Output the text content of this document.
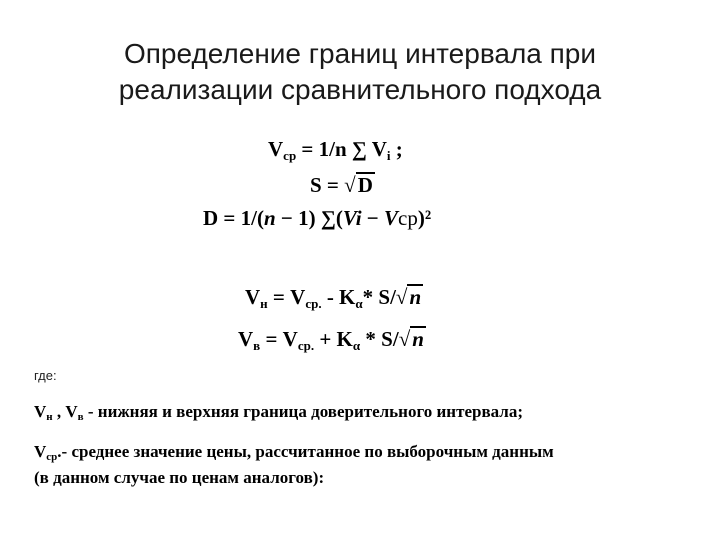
Определение границ интервала при
реализации сравнительного подхода
$V_{ср} = 1/n$ ∑ $V_i$ ;
S = √D
D = 1/(n − 1) ∑(Vi − Vcp)²
$V_н = V_{ср.} - K_\alpha*$ S/√n
$V_в = V_{ср.} + K_\alpha * S/√n$
где:
$V_н$ , $V_в$ - нижняя и верхняя граница доверительного интервала;
$V_{ср}.-$ среднее значение цены, рассчитанное по выборочным данным
(в данном случае по ценам аналогов):
